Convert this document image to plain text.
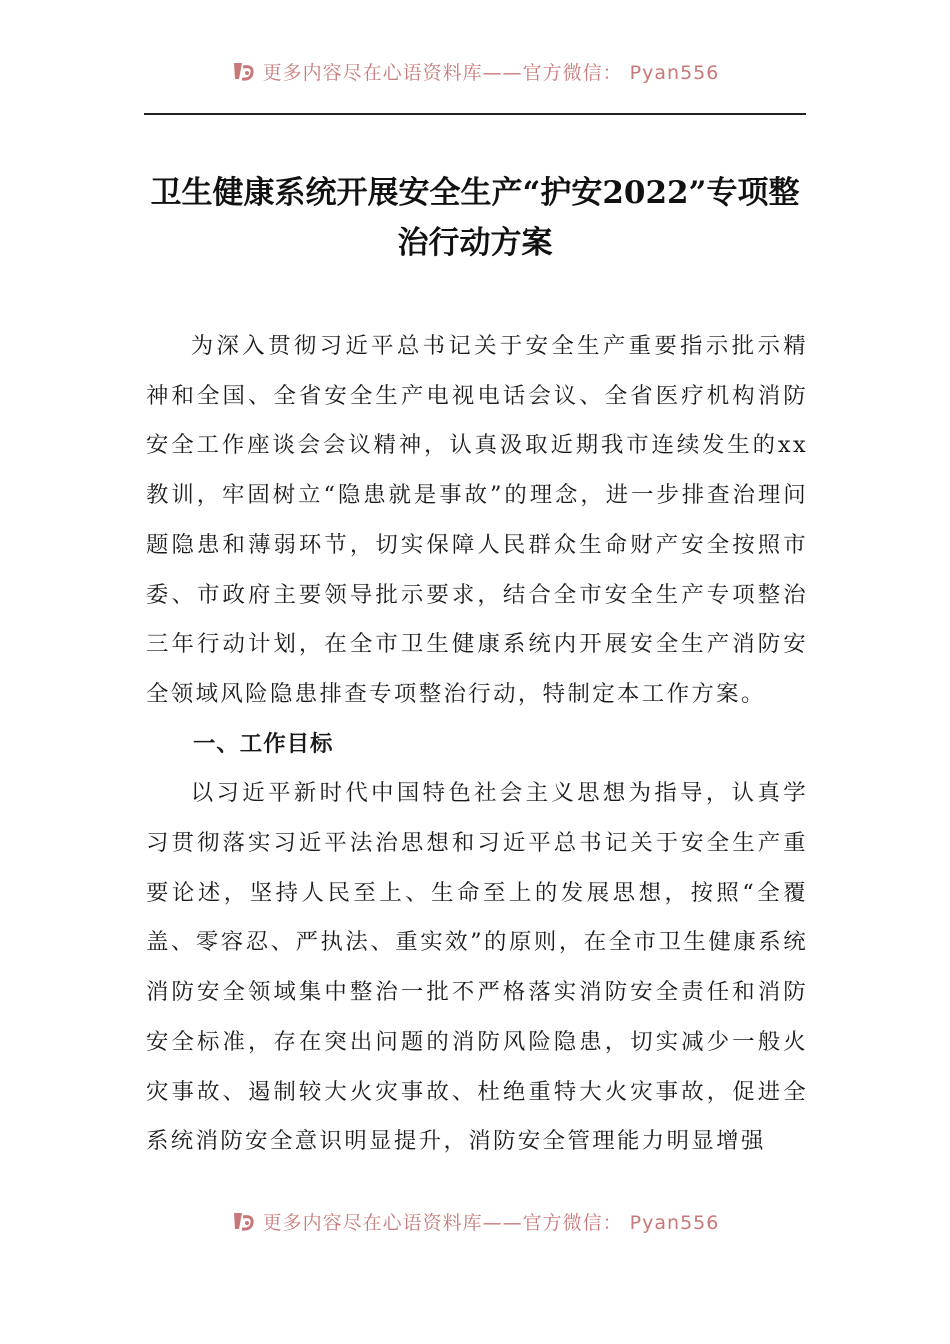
更多内容尽在心语资料库——官方微信： Pyan556
卫生健康系统开展安全生产“护安2022”专项整治行动方案

为深入贯彻习近平总书记关于安全生产重要指示批示精神和全国、全省安全生产电视电话会议、全省医疗机构消防安全工作座谈会会议精神，认真汲取近期我市连续发生的xx教训，牢固树立“隐患就是事故”的理念，进一步排查治理问题隐患和薄弱环节，切实保障人民群众生命财产安全按照市委、市政府主要领导批示要求，结合全市安全生产专项整治三年行动计划，在全市卫生健康系统内开展安全生产消防安全领域风险隐患排查专项整治行动，特制定本工作方案。

一、工作目标

以习近平新时代中国特色社会主义思想为指导，认真学习贯彻落实习近平法治思想和习近平总书记关于安全生产重要论述，坚持人民至上、生命至上的发展思想，按照“全覆盖、零容忍、严执法、重实效”的原则，在全市卫生健康系统消防安全领域集中整治一批不严格落实消防安全责任和消防安全标准，存在突出问题的消防风险隐患，切实减少一般火灾事故、遏制较大火灾事故、杜绝重特大火灾事故，促进全系统消防安全意识明显提升，消防安全管理能力明显增强

更多内容尽在心语资料库——官方微信： Pyan556
